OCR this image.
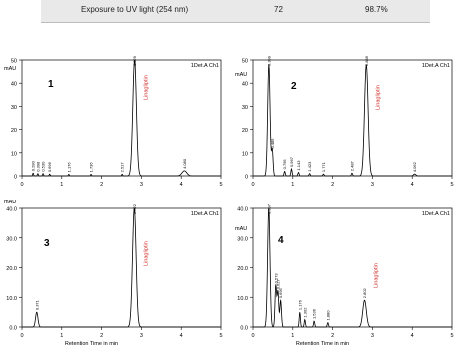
Exposure to UV light (254 nm)	72	98.7%
0
10
20
30
40
50
0	1	2	3	4	5
mAU	1Det.A Ch1
1
0.280 0.398 0.530 0.696	1.176	1.736	2.517
2.829
4.080
Linagliptin
0
10
20
30
40
50
0	1	2	3	4	5
mAU
1Det.A Ch1
2
0.399
0.485
0.795 0.967 1.143 1.423 1.771	2.487
2.846
4.062
Linagliptin
0.0
10.0
20.0
30.0
40.0
0	1	2	3	4	5
mAU
1Det.A Ch1
3
Retention Time in min
0.371
2.822
Linagliptin
0.0
10.0
20.0
30.0
40.0
0	1	2	3	4	5
mAU
1Det.A Ch1
4
Retention Time in min
0.397
0.573
0.627
0.695
1.176
1.302 1.536 1.880
2.802
Linagliptin
